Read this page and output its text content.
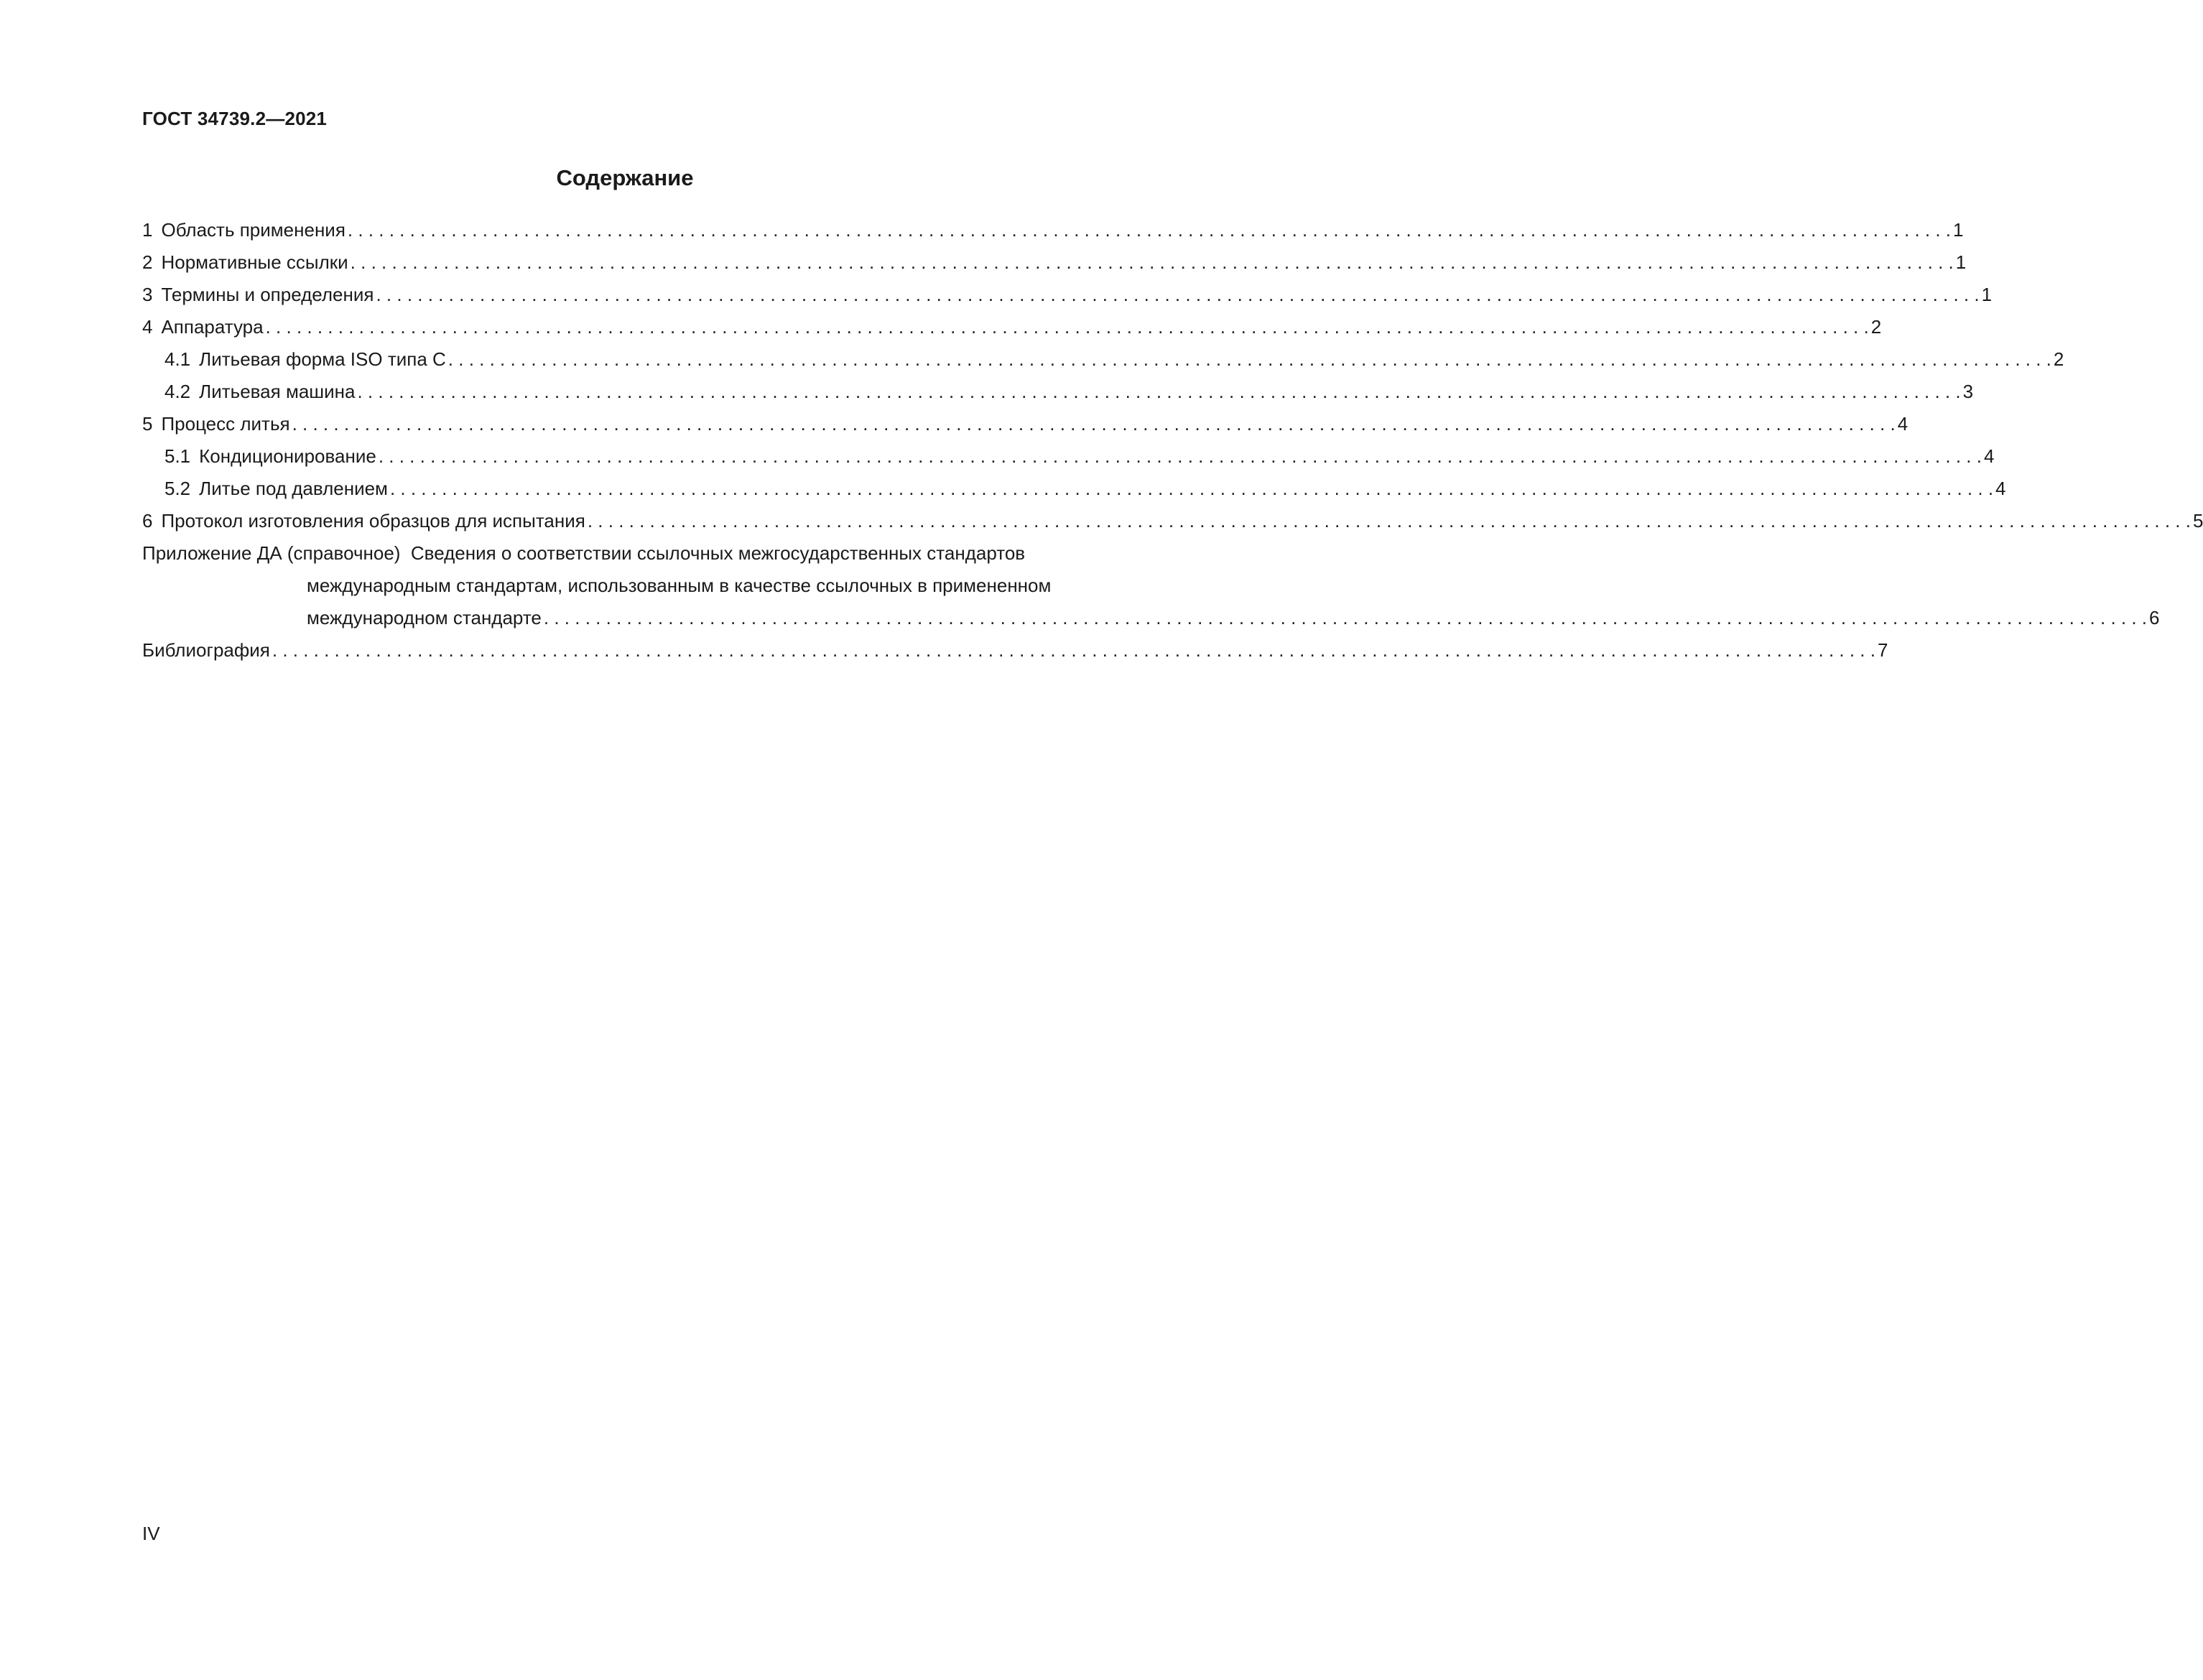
ГОСТ 34739.2—2021
Содержание
1 Область применения . . .	1
2 Нормативные ссылки . . .	1
3 Термины и определения . . .	1
4 Аппаратура . . .	2
4.1 Литьевая форма ISO типа С . . .	2
4.2 Литьевая машина . . .	3
5 Процесс литья . . .	4
5.1 Кондиционирование . . .	4
5.2 Литье под давлением . . .	4
6 Протокол изготовления образцов для испытания . . .	5
Приложение ДА (справочное) Сведения о соответствии ссылочных межгосударственных стандартов
международным стандартам, использованным в качестве ссылочных в примененном
международном стандарте . . .	6
Библиография . . .	7
IV
